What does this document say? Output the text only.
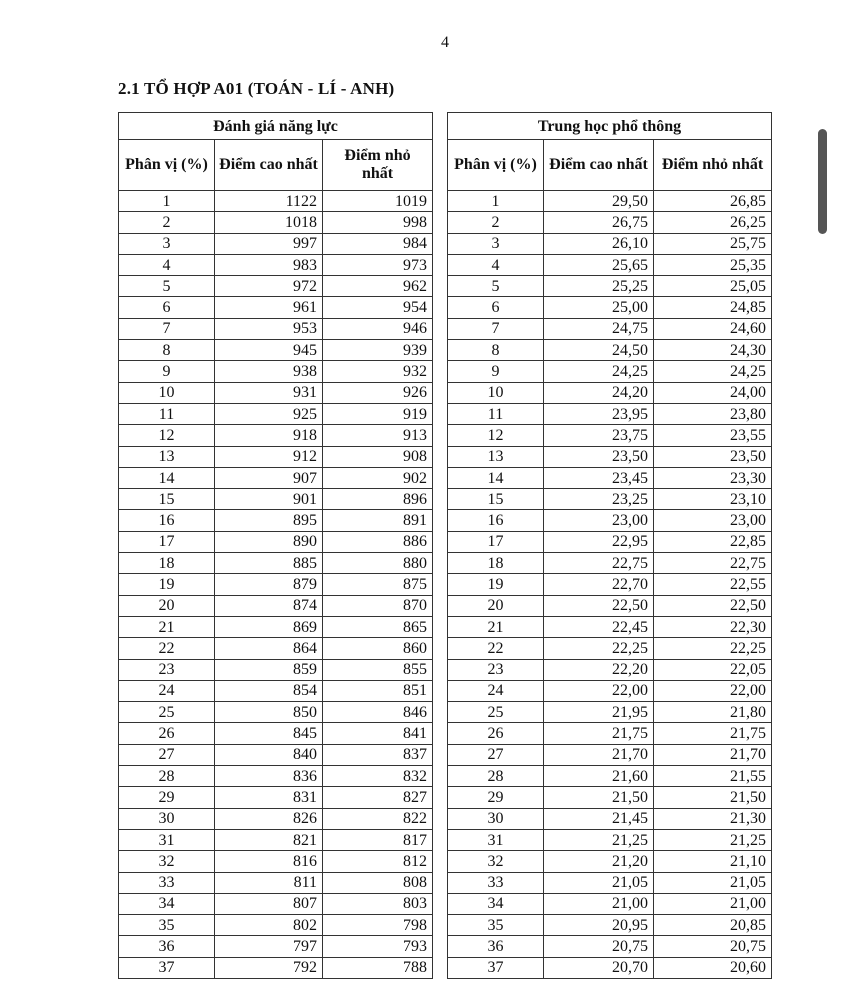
4
2.1 TỔ HỢP A01 (TOÁN - LÍ - ANH)
Đánh giá năng lực		
Phân vị (%)	Điểm cao nhất	Điểm nhỏ nhất
1	1122	1019
2	1018	998
3	997	984
4	983	973
5	972	962
6	961	954
7	953	946
8	945	939
9	938	932
10	931	926
11	925	919
12	918	913
13	912	908
14	907	902
15	901	896
16	895	891
17	890	886
18	885	880
19	879	875
20	874	870
21	869	865
22	864	860
23	859	855
24	854	851
25	850	846
26	845	841
27	840	837
28	836	832
29	831	827
30	826	822
31	821	817
32	816	812
33	811	808
34	807	803
35	802	798
36	797	793
37	792	788
Trung học phổ thông		
Phân vị (%)	Điểm cao nhất	Điểm nhỏ nhất
1	29,50	26,85
2	26,75	26,25
3	26,10	25,75
4	25,65	25,35
5	25,25	25,05
6	25,00	24,85
7	24,75	24,60
8	24,50	24,30
9	24,25	24,25
10	24,20	24,00
11	23,95	23,80
12	23,75	23,55
13	23,50	23,50
14	23,45	23,30
15	23,25	23,10
16	23,00	23,00
17	22,95	22,85
18	22,75	22,75
19	22,70	22,55
20	22,50	22,50
21	22,45	22,30
22	22,25	22,25
23	22,20	22,05
24	22,00	22,00
25	21,95	21,80
26	21,75	21,75
27	21,70	21,70
28	21,60	21,55
29	21,50	21,50
30	21,45	21,30
31	21,25	21,25
32	21,20	21,10
33	21,05	21,05
34	21,00	21,00
35	20,95	20,85
36	20,75	20,75
37	20,70	20,60
